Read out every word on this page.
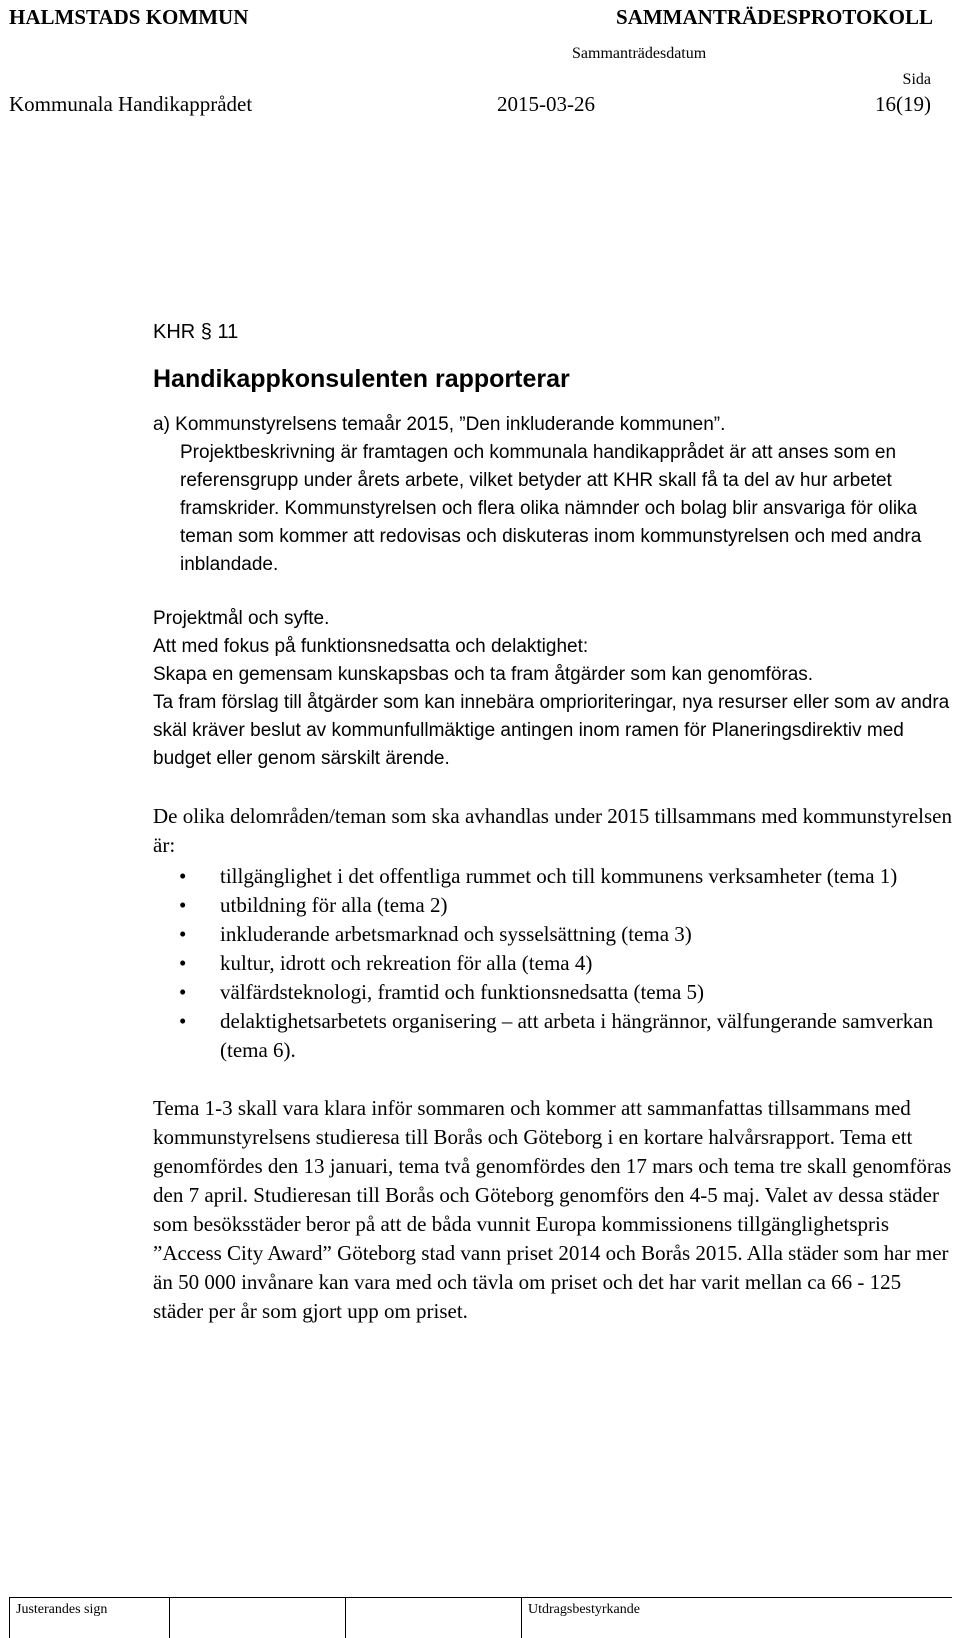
HALMSTADS KOMMUN	SAMMANTRÄDESPROTOKOLL
Sammanträdesdatum
Sida
Kommunala Handikapprådet	2015-03-26	16(19)

KHR § 11

Handikappkonsulenten rapporterar

a) Kommunstyrelsens temaår 2015, ”Den inkluderande kommunen”.

Projektbeskrivning är framtagen och kommunala handikapprådet är att anses som en referensgrupp under årets arbete, vilket betyder att KHR skall få ta del av hur arbetet framskrider. Kommunstyrelsen och flera olika nämnder och bolag blir ansvariga för olika teman som kommer att redovisas och diskuteras inom kommunstyrelsen och med andra inblandade.

Projektmål och syfte.

Att med fokus på funktionsnedsatta och delaktighet:

Skapa en gemensam kunskapsbas och ta fram åtgärder som kan genomföras.

Ta fram förslag till åtgärder som kan innebära omprioriteringar, nya resurser eller som av andra skäl kräver beslut av kommunfullmäktige antingen inom ramen för Planeringsdirektiv med budget eller genom särskilt ärende.

De olika delområden/teman som ska avhandlas under 2015 tillsammans med kommunstyrelsen är:

• tillgänglighet i det offentliga rummet och till kommunens verksamheter (tema 1)
• utbildning för alla (tema 2)
• inkluderande arbetsmarknad och sysselsättning (tema 3)
• kultur, idrott och rekreation för alla (tema 4)
• välfärdsteknologi, framtid och funktionsnedsatta (tema 5)
• delaktighetsarbetets organisering – att arbeta i hängrännor, välfungerande samverkan (tema 6).

Tema 1-3 skall vara klara inför sommaren och kommer att sammanfattas tillsammans med kommunstyrelsens studieresa till Borås och Göteborg i en kortare halvårsrapport. Tema ett genomfördes den 13 januari, tema två genomfördes den 17 mars och tema tre skall genomföras den 7 april. Studieresan till Borås och Göteborg genomförs den 4-5 maj. Valet av dessa städer som besöksstäder beror på att de båda vunnit Europa kommissionens tillgänglighetspris ”Access City Award” Göteborg stad vann priset 2014 och Borås 2015. Alla städer som har mer än 50 000 invånare kan vara med och tävla om priset och det har varit mellan ca 66 - 125 städer per år som gjort upp om priset.

Justerandes sign	Utdragsbestyrkande
